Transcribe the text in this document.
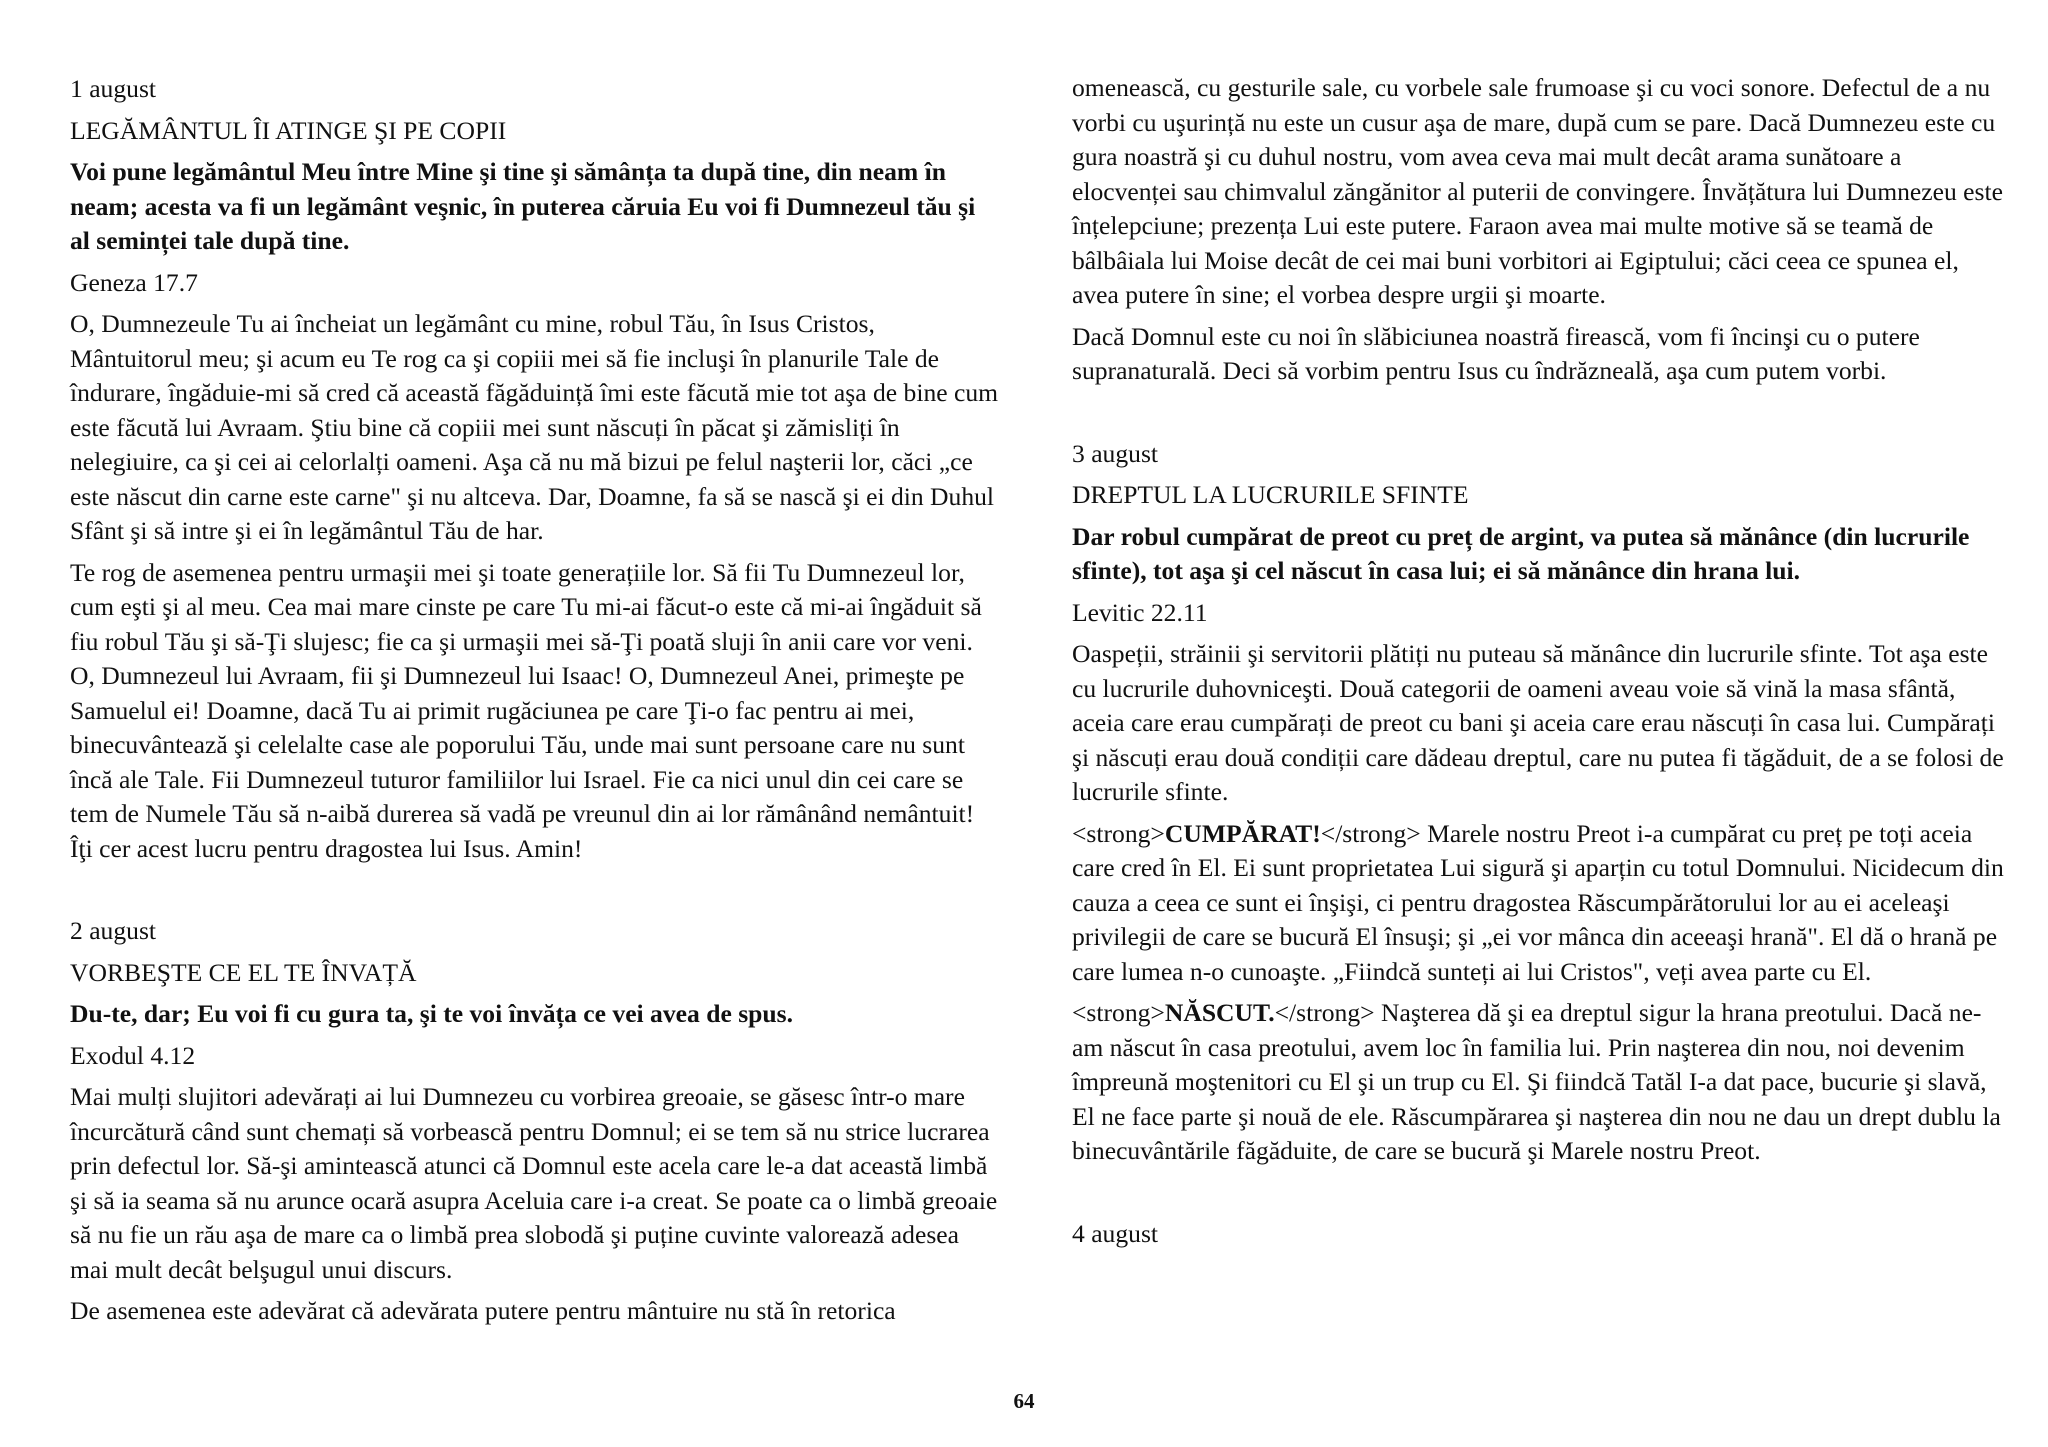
1 august

LEGĂMÂNTUL ÎI ATINGE ŞI PE COPII

Voi pune legământul Meu între Mine şi tine şi sămânța ta după tine, din neam în neam; acesta va fi un legământ veşnic, în puterea căruia Eu voi fi Dumnezeul tău şi al seminței tale după tine.

Geneza 17.7

O, Dumnezeule Tu ai încheiat un legământ cu mine, robul Tău, în Isus Cristos, Mântuitorul meu; şi acum eu Te rog ca şi copiii mei să fie incluşi în planurile Tale de îndurare, îngăduie-mi să cred că această făgăduință îmi este făcută mie tot aşa de bine cum este făcută lui Avraam. Ştiu bine că copiii mei sunt născuți în păcat şi zămisliți în nelegiuire, ca şi cei ai celorlalți oameni. Aşa că nu mă bizui pe felul naşterii lor, căci „ce este născut din carne este carne" şi nu altceva. Dar, Doamne, fa să se nască şi ei din Duhul Sfânt şi să intre şi ei în legământul Tău de har.

Te rog de asemenea pentru urmaşii mei şi toate generațiile lor. Să fii Tu Dumnezeul lor, cum eşti şi al meu. Cea mai mare cinste pe care Tu mi-ai făcut-o este că mi-ai îngăduit să fiu robul Tău şi să-Ţi slujesc; fie ca şi urmaşii mei să-Ţi poată sluji în anii care vor veni. O, Dumnezeul lui Avraam, fii şi Dumnezeul lui Isaac! O, Dumnezeul Anei, primeşte pe Samuelul ei! Doamne, dacă Tu ai primit rugăciunea pe care Ţi-o fac pentru ai mei, binecuvântează şi celelalte case ale poporului Tău, unde mai sunt persoane care nu sunt încă ale Tale. Fii Dumnezeul tuturor familiilor lui Israel. Fie ca nici unul din cei care se tem de Numele Tău să n-aibă durerea să vadă pe vreunul din ai lor rămânând nemântuit! Îţi cer acest lucru pentru dragostea lui Isus. Amin!

2 august

VORBEŞTE CE EL TE ÎNVAȚĂ

Du-te, dar; Eu voi fi cu gura ta, şi te voi învăța ce vei avea de spus.

Exodul 4.12

Mai mulți slujitori adevărați ai lui Dumnezeu cu vorbirea greoaie, se găsesc într-o mare încurcătură când sunt chemați să vorbească pentru Domnul; ei se tem să nu strice lucrarea prin defectul lor. Să-şi amintească atunci că Domnul este acela care le-a dat această limbă şi să ia seama să nu arunce ocară asupra Aceluia care i-a creat. Se poate ca o limbă greoaie să nu fie un rău aşa de mare ca o limbă prea slobodă şi puține cuvinte valorează adesea mai mult decât belşugul unui discurs.

De asemenea este adevărat că adevărata putere pentru mântuire nu stă în retorica

omenească, cu gesturile sale, cu vorbele sale frumoase şi cu voci sonore. Defectul de a nu vorbi cu uşurință nu este un cusur aşa de mare, după cum se pare. Dacă Dumnezeu este cu gura noastră şi cu duhul nostru, vom avea ceva mai mult decât arama sunătoare a elocvenței sau chimvalul zăngănitor al puterii de convingere. Învățătura lui Dumnezeu este înțelepciune; prezența Lui este putere. Faraon avea mai multe motive să se teamă de bâlbâiala lui Moise decât de cei mai buni vorbitori ai Egiptului; căci ceea ce spunea el, avea putere în sine; el vorbea despre urgii şi moarte.

Dacă Domnul este cu noi în slăbiciunea noastră firească, vom fi încinşi cu o putere supranaturală. Deci să vorbim pentru Isus cu îndrăzneală, aşa cum putem vorbi.

3 august

DREPTUL LA LUCRURILE SFINTE

Dar robul cumpărat de preot cu preț de argint, va putea să mănânce (din lucrurile sfinte), tot aşa şi cel născut în casa lui; ei să mănânce din hrana lui.

Levitic 22.11

Oaspeții, străinii şi servitorii plătiți nu puteau să mănânce din lucrurile sfinte. Tot aşa este cu lucrurile duhovniceşti. Două categorii de oameni aveau voie să vină la masa sfântă, aceia care erau cumpărați de preot cu bani şi aceia care erau născuți în casa lui. Cumpărați şi născuți erau două condiții care dădeau dreptul, care nu putea fi tăgăduit, de a se folosi de lucrurile sfinte.

<strong>CUMPĂRAT!</strong> Marele nostru Preot i-a cumpărat cu preț pe toți aceia care cred în El. Ei sunt proprietatea Lui sigură şi aparțin cu totul Domnului. Nicidecum din cauza a ceea ce sunt ei înşişi, ci pentru dragostea Răscumpărătorului lor au ei aceleaşi privilegii de care se bucură El însuşi; şi „ei vor mânca din aceeaşi hrană". El dă o hrană pe care lumea n-o cunoaşte. „Fiindcă sunteți ai lui Cristos", veți avea parte cu El.

<strong>NĂSCUT.</strong> Naşterea dă şi ea dreptul sigur la hrana preotului. Dacă ne-am născut în casa preotului, avem loc în familia lui. Prin naşterea din nou, noi devenim împreună moştenitori cu El şi un trup cu El. Şi fiindcă Tatăl I-a dat pace, bucurie şi slavă, El ne face parte şi nouă de ele. Răscumpărarea şi naşterea din nou ne dau un drept dublu la binecuvântările făgăduite, de care se bucură şi Marele nostru Preot.

4 august

64
